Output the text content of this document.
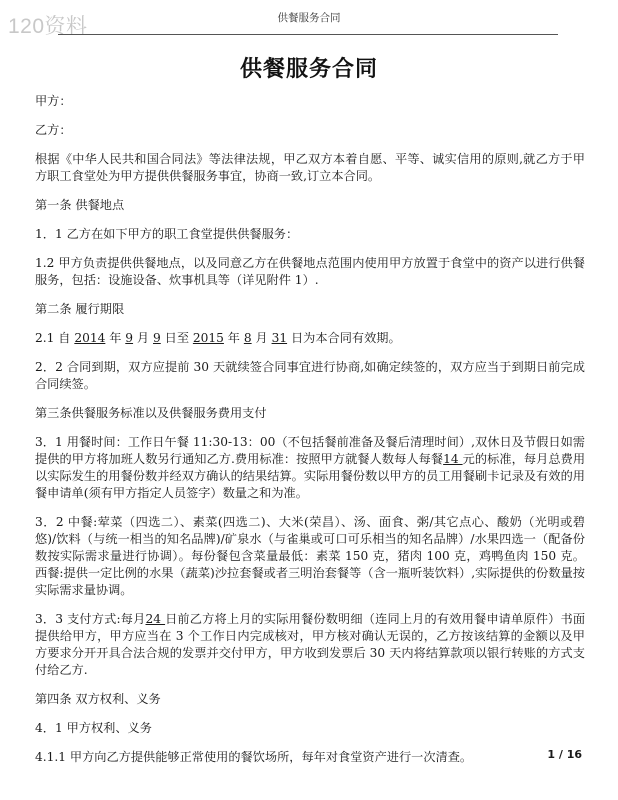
120资料	供餐服务合同
供餐服务合同

甲方：

乙方：

根据《中华人民共和国合同法》等法律法规，甲乙双方本着自愿、平等、诚实信用的原则,就乙方于甲方职工食堂处为甲方提供供餐服务事宜，协商一致,订立本合同。

第一条 供餐地点

1．1 乙方在如下甲方的职工食堂提供供餐服务：

1.2 甲方负责提供供餐地点，以及同意乙方在供餐地点范围内使用甲方放置于食堂中的资产以进行供餐服务，包括：设施设备、炊事机具等（详见附件 1）.

第二条 履行期限

2.1 自 2014 年 9 月 9 日至 2015 年 8 月 31 日为本合同有效期。

2．2 合同到期，双方应提前 30 天就续签合同事宜进行协商,如确定续签的，双方应当于到期日前完成合同续签。

第三条供餐服务标准以及供餐服务费用支付

3．1 用餐时间：工作日午餐 11:30-13：00（不包括餐前准备及餐后清理时间）,双休日及节假日如需提供的甲方将加班人数另行通知乙方.费用标准：按照甲方就餐人数每人每餐14 元的标准，每月总费用以实际发生的用餐份数并经双方确认的结果结算。实际用餐份数以甲方的员工用餐刷卡记录及有效的用餐申请单(须有甲方指定人员签字）数量之和为准。

3．2 中餐:荤菜（四选二）、素菜(四选二)、大米(荣昌）、汤、面食、粥/其它点心、酸奶（光明或碧悠)/饮料（与统一相当的知名品牌)/矿泉水（与雀巢或可口可乐相当的知名品牌）/水果四选一（配备份数按实际需求量进行协调）。每份餐包含菜量最低：素菜 150 克，猪肉 100 克，鸡鸭鱼肉 150 克。西餐:提供一定比例的水果（蔬菜)沙拉套餐或者三明治套餐等（含一瓶听装饮料）,实际提供的份数量按实际需求量协调。

3．3 支付方式:每月24 日前乙方将上月的实际用餐份数明细（连同上月的有效用餐申请单原件）书面提供给甲方，甲方应当在 3 个工作日内完成核对，甲方核对确认无误的，乙方按该结算的金额以及甲方要求分开开具合法合规的发票并交付甲方，甲方收到发票后 30 天内将结算款项以银行转账的方式支付给乙方.

第四条 双方权利、义务

4．1 甲方权利、义务

4.1.1 甲方向乙方提供能够正常使用的餐饮场所，每年对食堂资产进行一次清查。	1 / 16
